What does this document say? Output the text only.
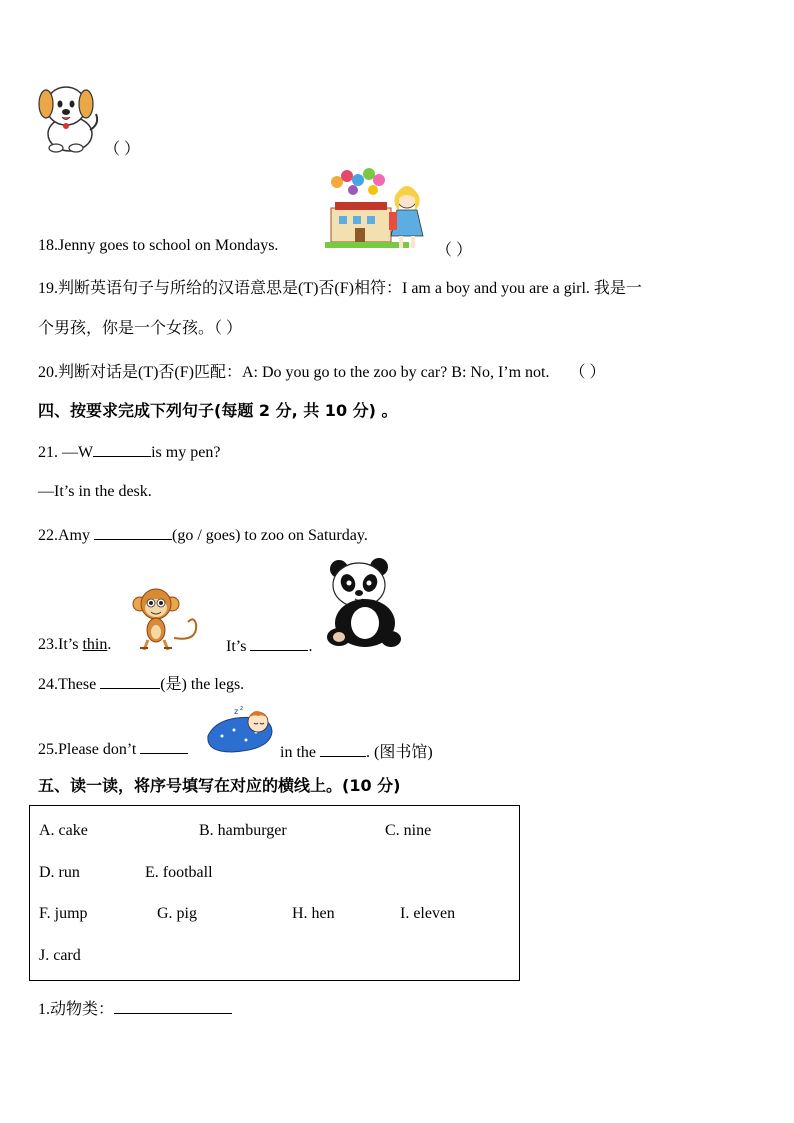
（ ）
18.Jenny goes to school on Mondays.	（ ）
19.判断英语句子与所给的汉语意思是(T)否(F)相符：I am a boy and you are a girl. 我是一
个男孩，你是一个女孩。（ ）
20.判断对话是(T)否(F)匹配：A: Do you go to the zoo by car? B: No, I’m not. （ ）
四、按要求完成下列句子(每题 2 分, 共 10 分) 。
21. —W	is my pen?
—It’s in the desk.
22.Amy	(go / goes) to zoo on Saturday.
23.It’s thin.	It’s	.
24.These	(是) the legs.
z z
25.Please don’t	in the	. (图书馆)
五、读一读，将序号填写在对应的横线上。(10 分)
A. cake	B. hamburger	C. nine
D. run	E. football
F. jump	G. pig	H. hen	I. eleven
J. card
1.动物类：
